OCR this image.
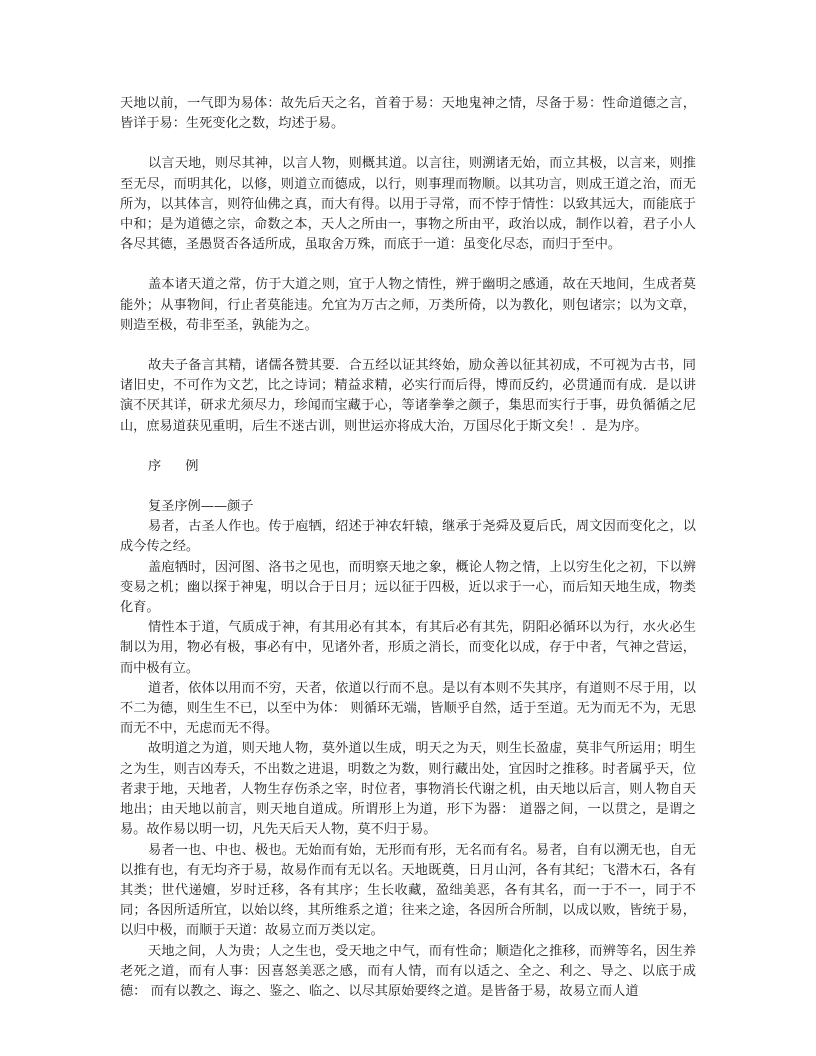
天地以前，一气即为易体：故先后天之名，首着于易：天地鬼神之情，尽备于易：性命道德之言，皆详于易：生死变化之数，均述于易。

以言天地，则尽其神，以言人物，则概其道。以言往，则溯诸无始，而立其极，以言来，则推至无尽，而明其化，以修，则道立而德成，以行，则事理而物顺。以其功言，则成王道之治，而无所为，以其体言，则符仙佛之真，而大有得。以用于寻常，而不悖于情性：以致其远大，而能底于中和；是为道德之宗，命数之本，天人之所由一，事物之所由平，政治以成，制作以着，君子小人各尽其德，圣愚贤否各适所成，虽取舍万殊，而底于一道：虽变化尽态，而归于至中。

盖本诸天道之常，仿于大道之则，宜于人物之情性，辨于幽明之感通，故在天地间，生成者莫能外；从事物间，行止者莫能违。允宜为万古之师，万类所倚，以为教化，则包诸宗；以为文章，则造至极，苟非至圣，孰能为之。

故夫子备言其精，诸儒各赞其要．合五经以证其终始，励众善以征其初成，不可视为古书，同诸旧史，不可作为文艺，比之诗词；精益求精，必实行而后得，博而反约，必贯通而有成．是以讲演不厌其详，研求尤须尽力，珍闻而宝藏于心，等诸拳拳之颜子，集思而实行于事，毋负循循之尼山，庶易道获见重明，后生不迷古训，则世运亦将成大治，万国尽化于斯文矣！．是为序。

序 例

复圣序例——颜子

易者，古圣人作也。传于庖牺，绍述于神农轩辕，继承于尧舜及夏后氏，周文因而变化之，以成今传之经。

盖庖牺时，因河图、洛书之见也，而明察天地之象，概论人物之情，上以穷生化之初，下以辨变易之机；幽以探于神鬼，明以合于日月；远以征于四极，近以求于一心，而后知天地生成，物类化育。

情性本于道，气质成于神，有其用必有其本，有其后必有其先，阴阳必循环以为行，水火必生制以为用，物必有极，事必有中，见诸外者，形质之消长，而变化以成，存于中者，气神之营运，而中极有立。

道者，依体以用而不穷，天者，依道以行而不息。是以有本则不失其序，有道则不尽于用，以不二为德，则生生不已，以至中为体： 则循环无端，皆顺乎自然，适于至道。无为而无不为，无思而无不中，无虑而无不得。

故明道之为道，则天地人物，莫外道以生成，明天之为天，则生长盈虚，莫非气所运用；明生之为生，则吉凶寿夭，不出数之进退，明数之为数，则行藏出处，宜因时之推移。时者属乎天，位者隶于地，天地者，人物生存伤杀之宰，时位者，事物消长代谢之机，由天地以后言，则人物自天地出；由天地以前言，则天地自道成。所谓形上为道，形下为器： 道器之间，一以贯之，是谓之易。故作易以明一切，凡先天后天人物，莫不归于易。

易者一也、中也、极也。无始而有始，无形而有形，无名而有名。易者，自有以溯无也，自无以推有也，有无均齐于易，故易作而有无以名。天地既奠，日月山河，各有其纪；飞潜木石，各有其类；世代递嬗，岁时迁移，各有其序；生长收藏，盈绌美恶，各有其名，而一于不一，同于不同；各因所适所宜，以始以终，其所维系之道；往来之途，各因所合所制，以成以败，皆统于易，以归中极，而顺于天道：故易立而万类以定。

天地之间，人为贵；人之生也，受天地之中气，而有性命；顺造化之推移，而辨等名，因生养老死之道，而有人事：因喜怒美恶之感，而有人情，而有以适之、全之、利之、导之、以底于成德： 而有以教之、诲之、鉴之、临之、以尽其原始要终之道。是皆备于易，故易立而人道
